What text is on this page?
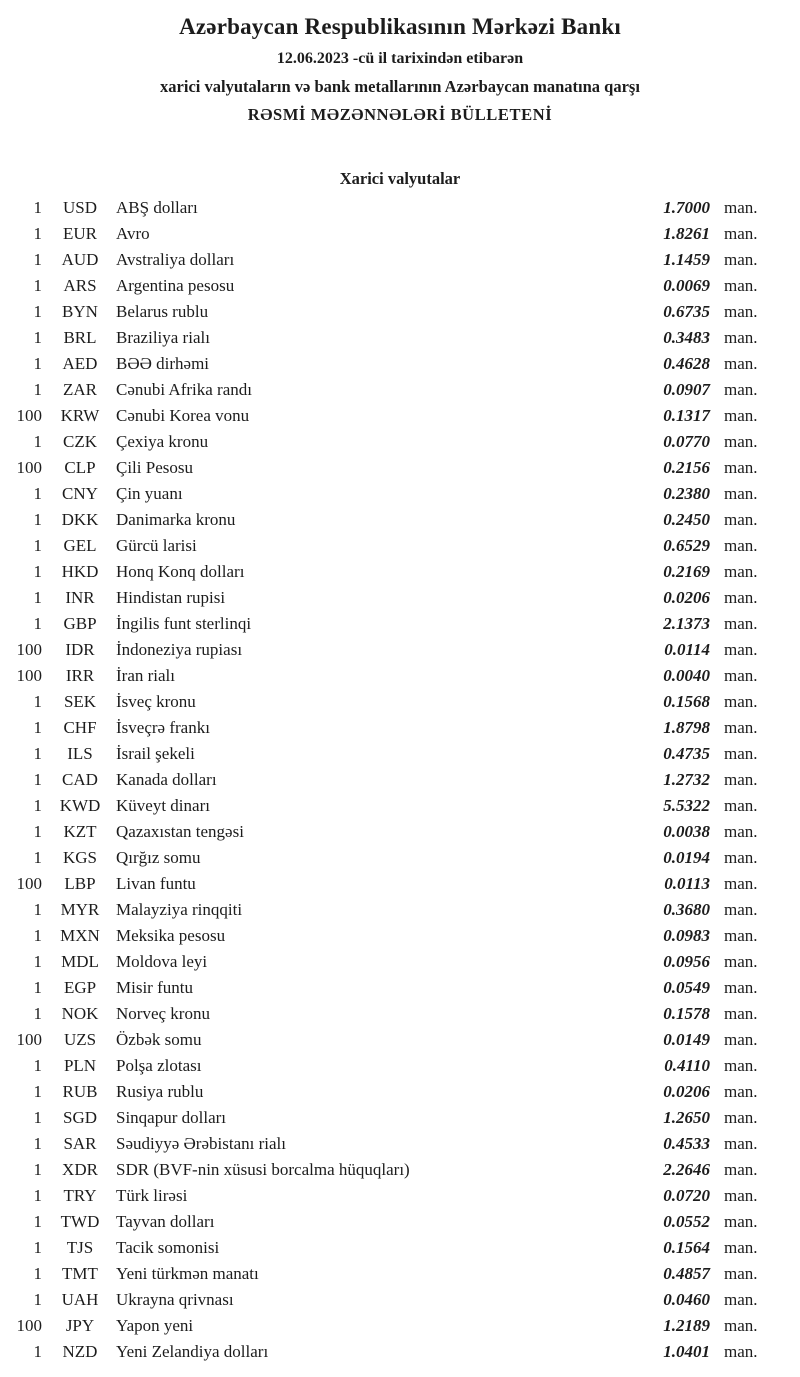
Azərbaycan Respublikasının Mərkəzi Bankı
12.06.2023 -cü il tarixindən etibarən
xarici valyutaların və bank metallarının Azərbaycan manatına qarşı
RƏSMİ MƏZƏNNƏLƏRİ BÜLLETENİ
Xarici valyutalar
1	USD	ABŞ dolları	1.7000 man.
1	EUR	Avro	1.8261 man.
1	AUD	Avstraliya dolları	1.1459 man.
1	ARS	Argentina pesosu	0.0069 man.
1	BYN	Belarus rublu	0.6735 man.
1	BRL	Braziliya rialı	0.3483 man.
1	AED	BƏƏ dirhəmi	0.4628 man.
1	ZAR	Cənubi Afrika randı	0.0907 man.
100	KRW Cənubi Korea vonu	0.1317 man.
1	CZK	Çexiya kronu	0.0770 man.
100	CLP	Çili Pesosu	0.2156 man.
1	CNY	Çin yuanı	0.2380 man.
1	DKK	Danimarka kronu	0.2450 man.
1	GEL	Gürcü larisi	0.6529 man.
1	HKD	Honq Konq dolları	0.2169 man.
1	INR	Hindistan rupisi	0.0206 man.
1	GBP	İngilis funt sterlinqi	2.1373 man.
100	IDR	İndoneziya rupiası	0.0114 man.
100	IRR	İran rialı	0.0040 man.
1	SEK	İsveç kronu	0.1568 man.
1	CHF	İsveçrə frankı	1.8798 man.
1	ILS	İsrail şekeli	0.4735 man.
1	CAD	Kanada dolları	1.2732 man.
1	KWD Küveyt dinarı	5.5322 man.
1	KZT	Qazaxıstan tengəsi	0.0038 man.
1	KGS	Qırğız somu	0.0194 man.
100	LBP	Livan funtu	0.0113 man.
1	MYR Malayziya rinqqiti	0.3680 man.
1	MXN Meksika pesosu	0.0983 man.
1	MDL	Moldova leyi	0.0956 man.
1	EGP	Misir funtu	0.0549 man.
1	NOK	Norveç kronu	0.1578 man.
100	UZS	Özbək somu	0.0149 man.
1	PLN	Polşa zlotası	0.4110 man.
1	RUB	Rusiya rublu	0.0206 man.
1	SGD	Sinqapur dolları	1.2650 man.
1	SAR	Səudiyyə Ərəbistanı rialı	0.4533 man.
1	XDR	SDR (BVF-nin xüsusi borcalma hüquqları)	2.2646 man.
1	TRY	Türk lirəsi	0.0720 man.
1	TWD Tayvan dolları	0.0552 man.
1	TJS	Tacik somonisi	0.1564 man.
1	TMT	Yeni türkmən manatı	0.4857 man.
1	UAH	Ukrayna qrivnası	0.0460 man.
100	JPY	Yapon yeni	1.2189 man.
1	NZD	Yeni Zelandiya dolları	1.0401 man.
